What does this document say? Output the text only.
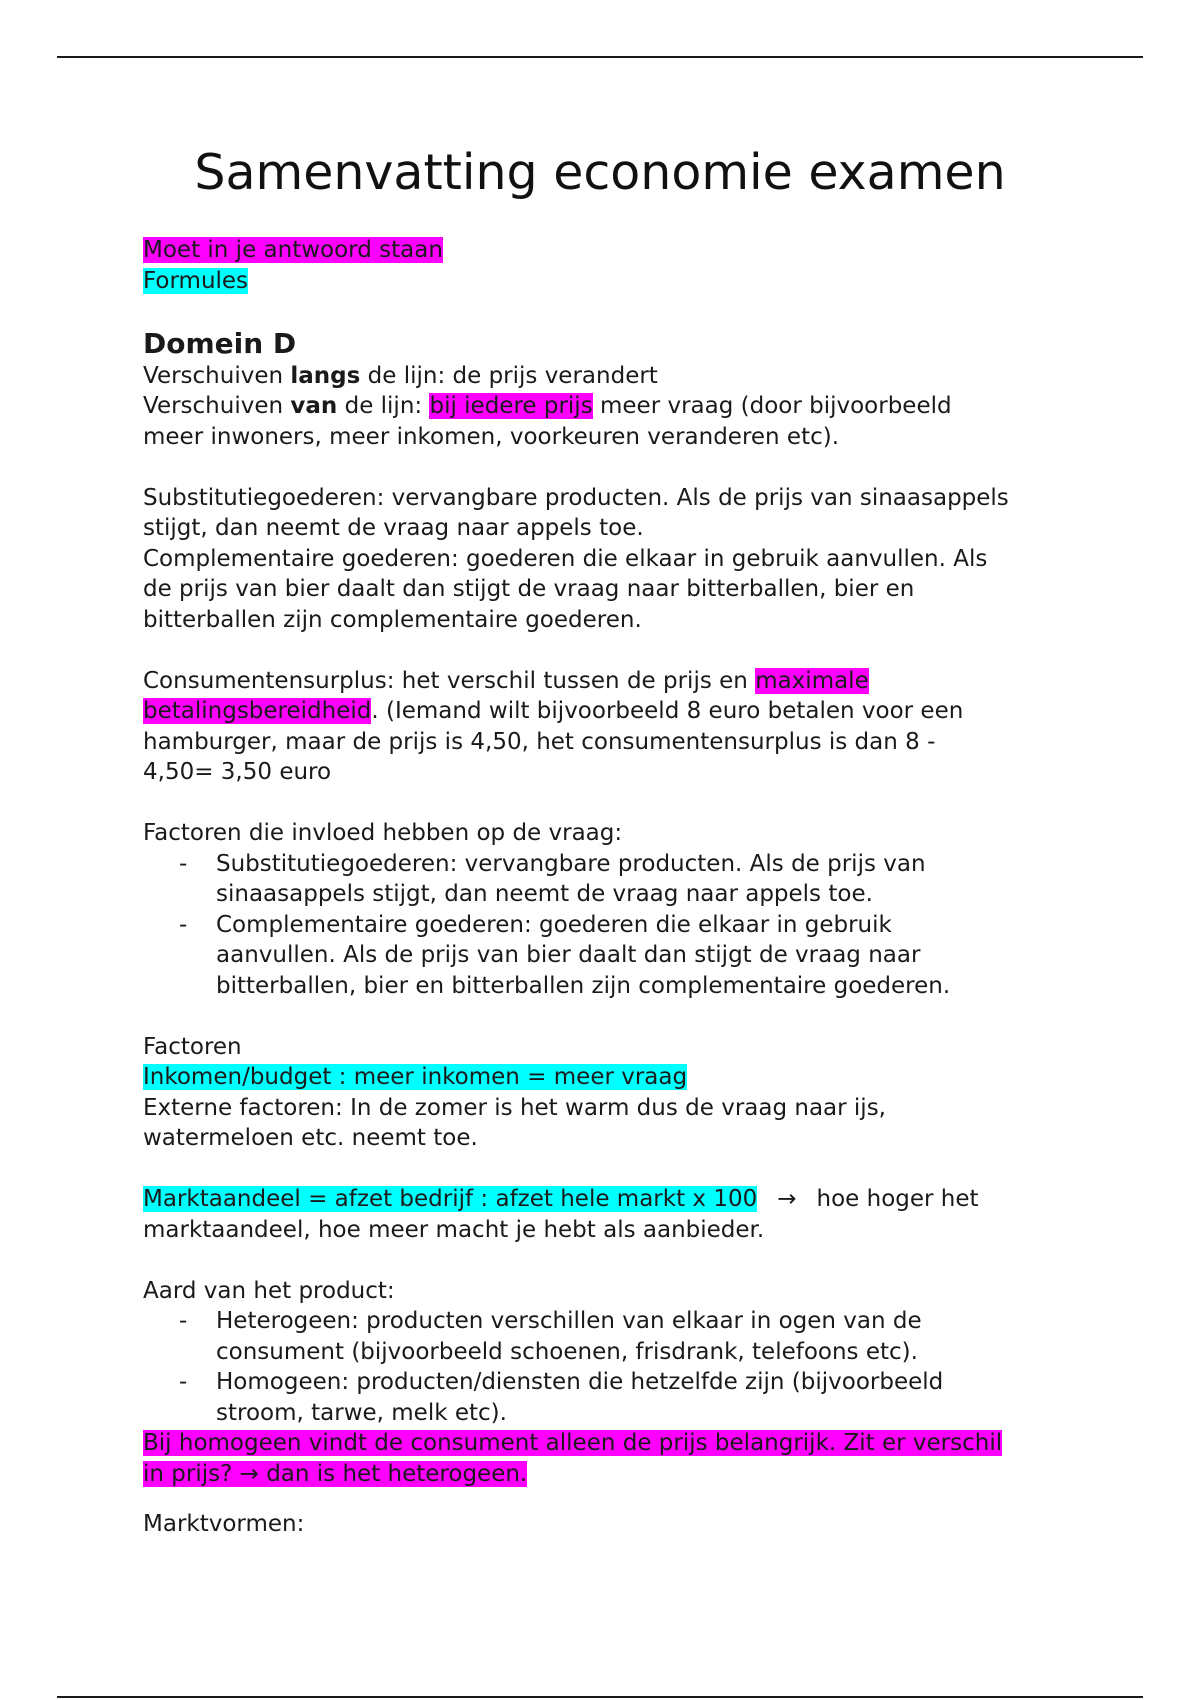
Samenvatting economie examen
Moet in je antwoord staan
Formules
Domein D
Verschuiven langs de lijn: de prijs verandert
Verschuiven van de lijn: bij iedere prijs meer vraag (door bijvoorbeeld
meer inwoners, meer inkomen, voorkeuren veranderen etc).
Substitutiegoederen: vervangbare producten. Als de prijs van sinaasappels
stijgt, dan neemt de vraag naar appels toe.
Complementaire goederen: goederen die elkaar in gebruik aanvullen. Als
de prijs van bier daalt dan stijgt de vraag naar bitterballen, bier en
bitterballen zijn complementaire goederen.
Consumentensurplus: het verschil tussen de prijs en maximale
betalingsbereidheid. (Iemand wilt bijvoorbeeld 8 euro betalen voor een
hamburger, maar de prijs is 4,50, het consumentensurplus is dan 8 -
4,50= 3,50 euro
Factoren die invloed hebben op de vraag:
- Substitutiegoederen: vervangbare producten. Als de prijs van
sinaasappels stijgt, dan neemt de vraag naar appels toe.
- Complementaire goederen: goederen die elkaar in gebruik
aanvullen. Als de prijs van bier daalt dan stijgt de vraag naar
bitterballen, bier en bitterballen zijn complementaire goederen.
Factoren
Inkomen/budget : meer inkomen = meer vraag
Externe factoren: In de zomer is het warm dus de vraag naar ijs,
watermeloen etc. neemt toe.
Marktaandeel = afzet bedrijf : afzet hele markt x 100 → hoe hoger het
marktaandeel, hoe meer macht je hebt als aanbieder.
Aard van het product:
- Heterogeen: producten verschillen van elkaar in ogen van de
consument (bijvoorbeeld schoenen, frisdrank, telefoons etc).
- Homogeen: producten/diensten die hetzelfde zijn (bijvoorbeeld
stroom, tarwe, melk etc).
Bij homogeen vindt de consument alleen de prijs belangrijk. Zit er verschil
in prijs? → dan is het heterogeen.
Marktvormen:
